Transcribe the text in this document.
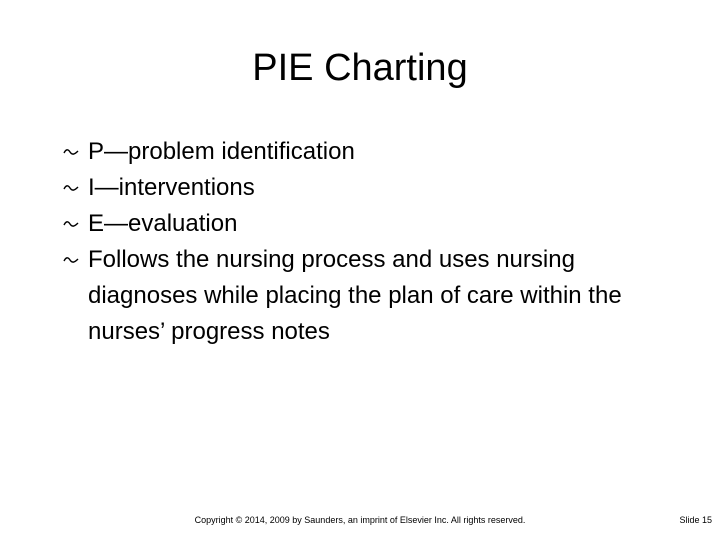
PIE Charting
P—problem identification
I—interventions
E—evaluation
Follows the nursing process and uses nursing diagnoses while placing the plan of care within the nurses’ progress notes
Copyright © 2014, 2009 by Saunders, an imprint of Elsevier Inc. All rights reserved.	Slide 15
